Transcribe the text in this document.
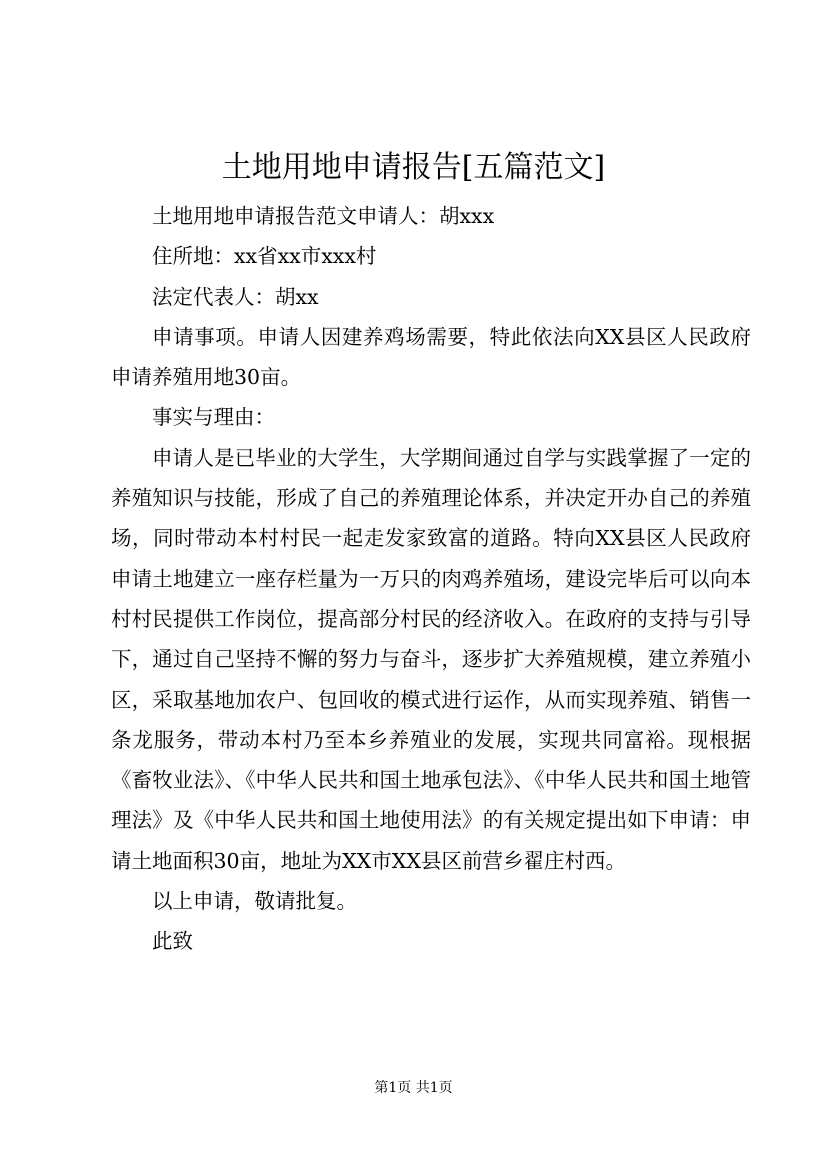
土地用地申请报告[五篇范文]

土地用地申请报告范文申请人：胡xxx

住所地：xx省xx市xxx村

法定代表人：胡xx

申请事项。申请人因建养鸡场需要，特此依法向XX县区人民政府申请养殖用地30亩。

事实与理由：

申请人是已毕业的大学生，大学期间通过自学与实践掌握了一定的养殖知识与技能，形成了自己的养殖理论体系，并决定开办自己的养殖场，同时带动本村村民一起走发家致富的道路。特向XX县区人民政府申请土地建立一座存栏量为一万只的肉鸡养殖场，建设完毕后可以向本村村民提供工作岗位，提高部分村民的经济收入。在政府的支持与引导下，通过自己坚持不懈的努力与奋斗，逐步扩大养殖规模，建立养殖小区，采取基地加农户、包回收的模式进行运作，从而实现养殖、销售一条龙服务，带动本村乃至本乡养殖业的发展，实现共同富裕。现根据《畜牧业法》、《中华人民共和国土地承包法》、《中华人民共和国土地管理法》及《中华人民共和国土地使用法》的有关规定提出如下申请：申请土地面积30亩，地址为XX市XX县区前营乡翟庄村西。

以上申请，敬请批复。

此致

第1页 共1页
